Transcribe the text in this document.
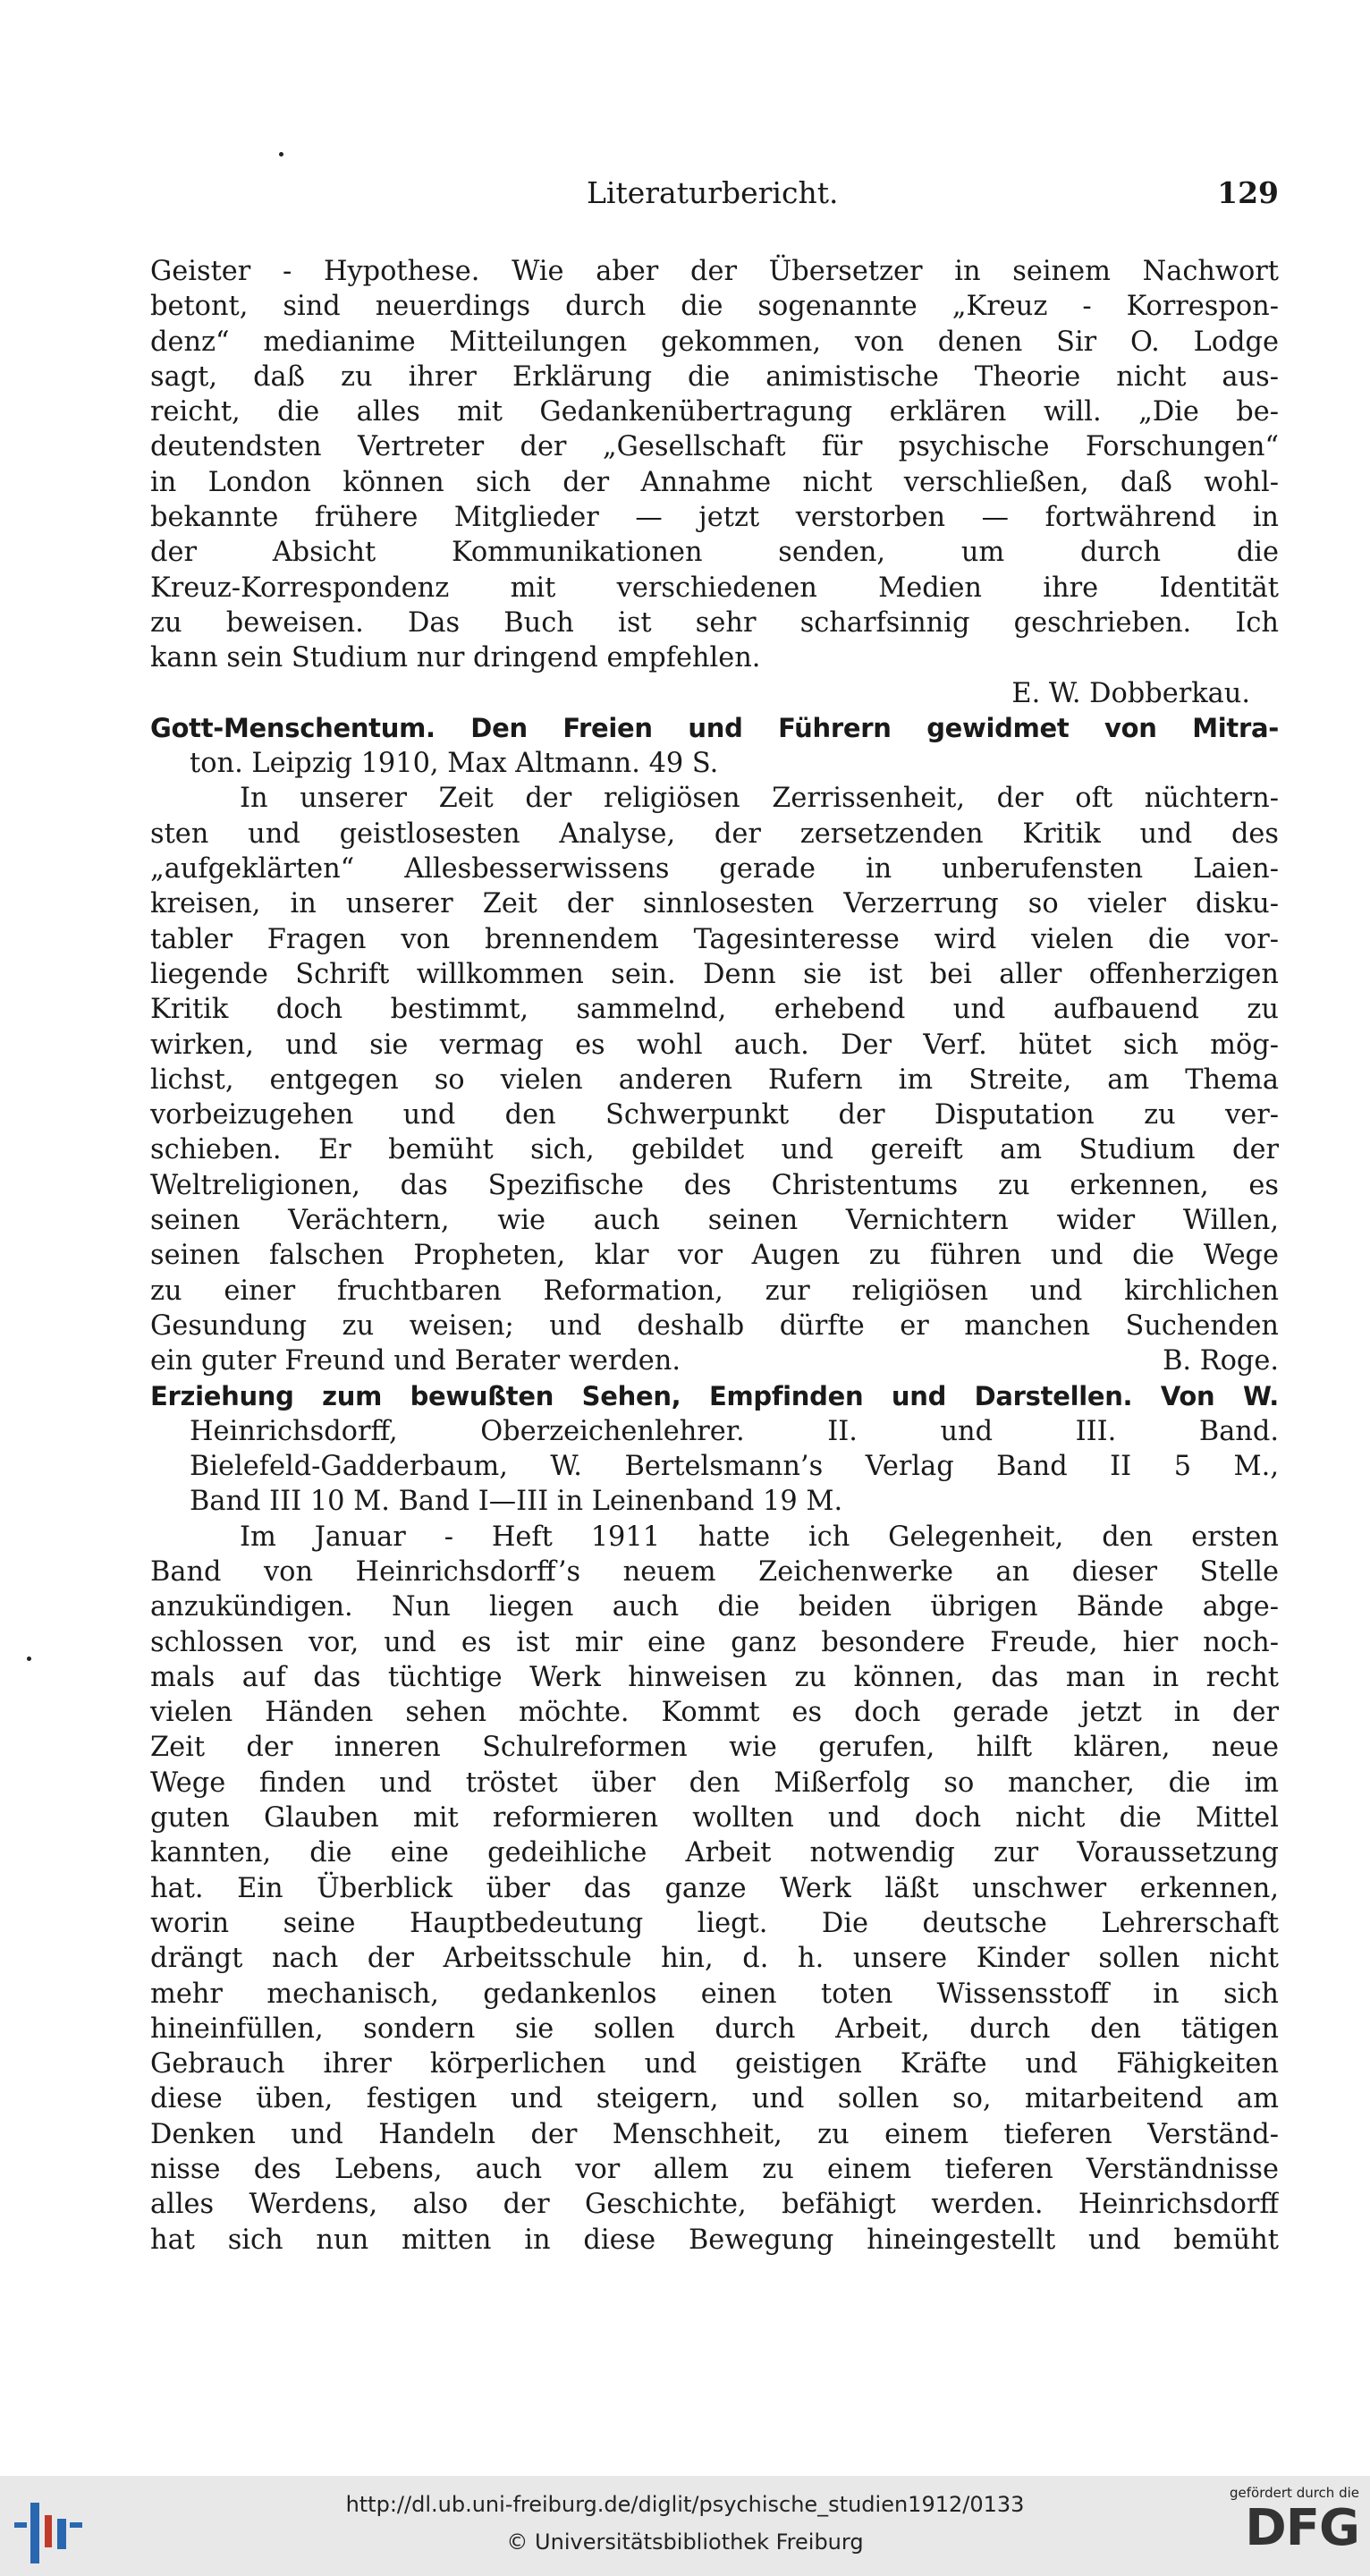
Literaturbericht.	129
Geister - Hypothese. Wie aber der Übersetzer in seinem Nachwort
betont, sind neuerdings durch die sogenannte „Kreuz - Korrespon-
denz“ medianime Mitteilungen gekommen, von denen Sir O. Lodge
sagt, daß zu ihrer Erklärung die animistische Theorie nicht aus-
reicht, die alles mit Gedankenübertragung erklären will. „Die be-
deutendsten Vertreter der „Gesellschaft für psychische Forschungen“
in London können sich der Annahme nicht verschließen, daß wohl-
bekannte frühere Mitglieder — jetzt verstorben — fortwährend in
der Absicht Kommunikationen senden, um durch die
Kreuz-Korrespondenz mit verschiedenen Medien ihre Identität
zu beweisen. Das Buch ist sehr scharfsinnig geschrieben. Ich
kann sein Studium nur dringend empfehlen.
E. W. Dobberkau.
Gott-Menschentum. Den Freien und Führern gewidmet von Mitra-
ton. Leipzig 1910, Max Altmann. 49 S.
In unserer Zeit der religiösen Zerrissenheit, der oft nüchtern-
sten und geistlosesten Analyse, der zersetzenden Kritik und des
„aufgeklärten“ Allesbesserwissens gerade in unberufensten Laien-
kreisen, in unserer Zeit der sinnlosesten Verzerrung so vieler disku-
tabler Fragen von brennendem Tagesinteresse wird vielen die vor-
liegende Schrift willkommen sein. Denn sie ist bei aller offenherzigen
Kritik doch bestimmt, sammelnd, erhebend und aufbauend zu
wirken, und sie vermag es wohl auch. Der Verf. hütet sich mög-
lichst, entgegen so vielen anderen Rufern im Streite, am Thema
vorbeizugehen und den Schwerpunkt der Disputation zu ver-
schieben. Er bemüht sich, gebildet und gereift am Studium der
Weltreligionen, das Spezifische des Christentums zu erkennen, es
seinen Verächtern, wie auch seinen Vernichtern wider Willen,
seinen falschen Propheten, klar vor Augen zu führen und die Wege
zu einer fruchtbaren Reformation, zur religiösen und kirchlichen
Gesundung zu weisen; und deshalb dürfte er manchen Suchenden
ein guter Freund und Berater werden.	B. Roge.
Erziehung zum bewußten Sehen, Empfinden und Darstellen. Von W.
Heinrichsdorff, Oberzeichenlehrer. II. und III. Band.
Bielefeld-Gadderbaum, W. Bertelsmann’s Verlag Band II 5 M.,
Band III 10 M. Band I—III in Leinenband 19 M.
Im Januar - Heft 1911 hatte ich Gelegenheit, den ersten
Band von Heinrichsdorff’s neuem Zeichenwerke an dieser Stelle
anzukündigen. Nun liegen auch die beiden übrigen Bände abge-
schlossen vor, und es ist mir eine ganz besondere Freude, hier noch-
mals auf das tüchtige Werk hinweisen zu können, das man in recht
vielen Händen sehen möchte. Kommt es doch gerade jetzt in der
Zeit der inneren Schulreformen wie gerufen, hilft klären, neue
Wege finden und tröstet über den Mißerfolg so mancher, die im
guten Glauben mit reformieren wollten und doch nicht die Mittel
kannten, die eine gedeihliche Arbeit notwendig zur Voraussetzung
hat. Ein Überblick über das ganze Werk läßt unschwer erkennen,
worin seine Hauptbedeutung liegt. Die deutsche Lehrerschaft
drängt nach der Arbeitsschule hin, d. h. unsere Kinder sollen nicht
mehr mechanisch, gedankenlos einen toten Wissensstoff in sich
hineinfüllen, sondern sie sollen durch Arbeit, durch den tätigen
Gebrauch ihrer körperlichen und geistigen Kräfte und Fähigkeiten
diese üben, festigen und steigern, und sollen so, mitarbeitend am
Denken und Handeln der Menschheit, zu einem tieferen Verständ-
nisse des Lebens, auch vor allem zu einem tieferen Verständnisse
alles Werdens, also der Geschichte, befähigt werden. Heinrichsdorff
hat sich nun mitten in diese Bewegung hineingestellt und bemüht
http://dl.ub.uni-freiburg.de/diglit/psychische_studien1912/0133
© Universitätsbibliothek Freiburg
gefördert durch die
DFG
